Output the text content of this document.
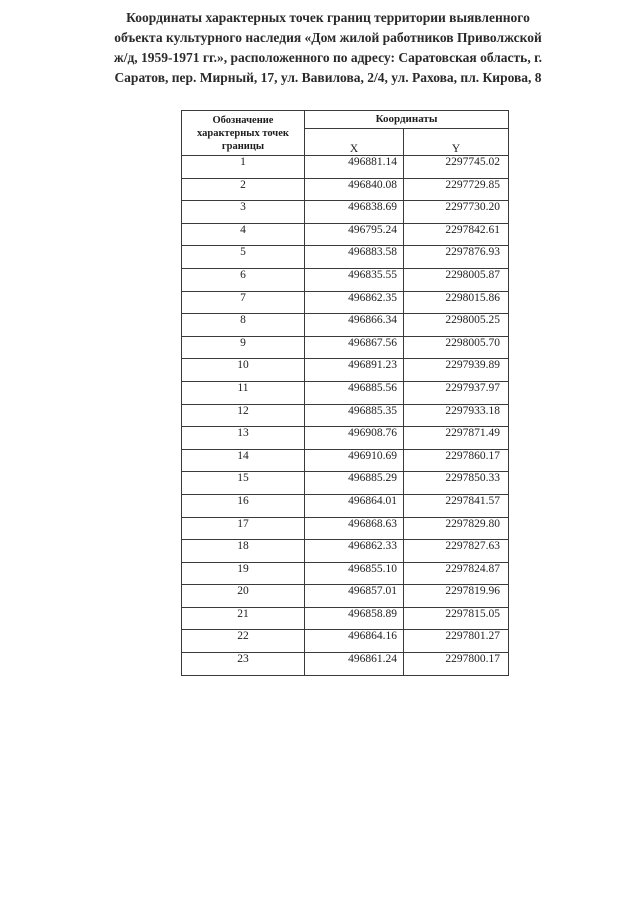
Координаты характерных точек границ территории выявленного
объекта культурного наследия «Дом жилой работников Приволжской
ж/д, 1959-1971 гг.», расположенного по адресу: Саратовская область, г.
Саратов, пер. Мирный, 17, ул. Вавилова, 2/4, ул. Рахова, пл. Кирова, 8
Обозначение характерных точек границы	Координаты	
	X	Y
1	496881.14	2297745.02
2	496840.08	2297729.85
3	496838.69	2297730.20
4	496795.24	2297842.61
5	496883.58	2297876.93
6	496835.55	2298005.87
7	496862.35	2298015.86
8	496866.34	2298005.25
9	496867.56	2298005.70
10	496891.23	2297939.89
11	496885.56	2297937.97
12	496885.35	2297933.18
13	496908.76	2297871.49
14	496910.69	2297860.17
15	496885.29	2297850.33
16	496864.01	2297841.57
17	496868.63	2297829.80
18	496862.33	2297827.63
19	496855.10	2297824.87
20	496857.01	2297819.96
21	496858.89	2297815.05
22	496864.16	2297801.27
23	496861.24	2297800.17
